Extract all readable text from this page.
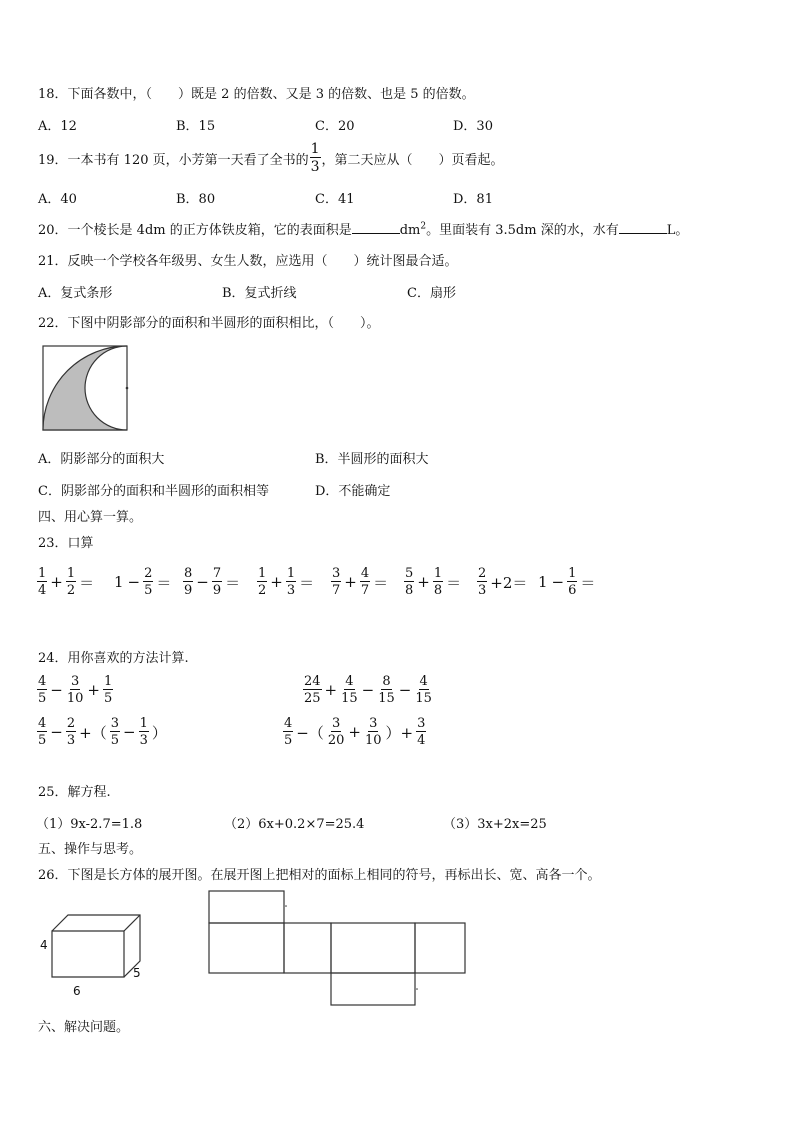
18．下面各数中，（　　）既是 2 的倍数、又是 3 的倍数、也是 5 的倍数。
A．12	B．15	C．20	D．30
19．一本书有 120 页，小芳第一天看了全书的 $\frac{1}{3}$ ，第二天应从（　　）页看起。
A．40	B．80	C．41	D．81
20．一个棱长是 4dm 的正方体铁皮箱，它的表面积是	$dm^2$。里面装有 3.5dm 深的水，水有	L。
21．反映一个学校各年级男、女生人数，应选用（　　）统计图最合适。
A．复式条形	B．复式折线	C．扇形
22．下图中阴影部分的面积和半圆形的面积相比，（　　）。
A．阴影部分的面积大	B．半圆形的面积大
C．阴影部分的面积和半圆形的面积相等	D．不能确定
四、用心算一算。
23．口算
$\frac{1}{4} + \frac{1}{2} = 1 - \frac{2}{5} = \frac{8}{9} - \frac{7}{9} = \frac{1}{2} + \frac{1}{3} = \frac{3}{7} + \frac{4}{7} = \frac{5}{8} + \frac{1}{8} = \frac{2}{3} +2= 1 - \frac{1}{6}$ ＝
24．用你喜欢的方法计算.
$\frac{4}{5} - \frac{3}{10} + \frac{1}{5}$	$\frac{24}{25} + \frac{4}{15} - \frac{8}{15} - \frac{4}{15}$
$\frac{4}{5} - \frac{2}{3}$ +（ $\frac{3}{5} - \frac{1}{3}$ ）	$\frac{4}{5}$ −（ $\frac{3}{20} + \frac{3}{10}$ ）+ $\frac{3}{4}$
25．解方程.
（1）9x-2.7=1.8	（2）6x+0.2×7=25.4	（3）3x+2x=25
五、操作与思考。
26．下图是长方体的展开图。在展开图上把相对的面标上相同的符号，再标出长、宽、高各一个。
4
6
5
六、解决问题。
